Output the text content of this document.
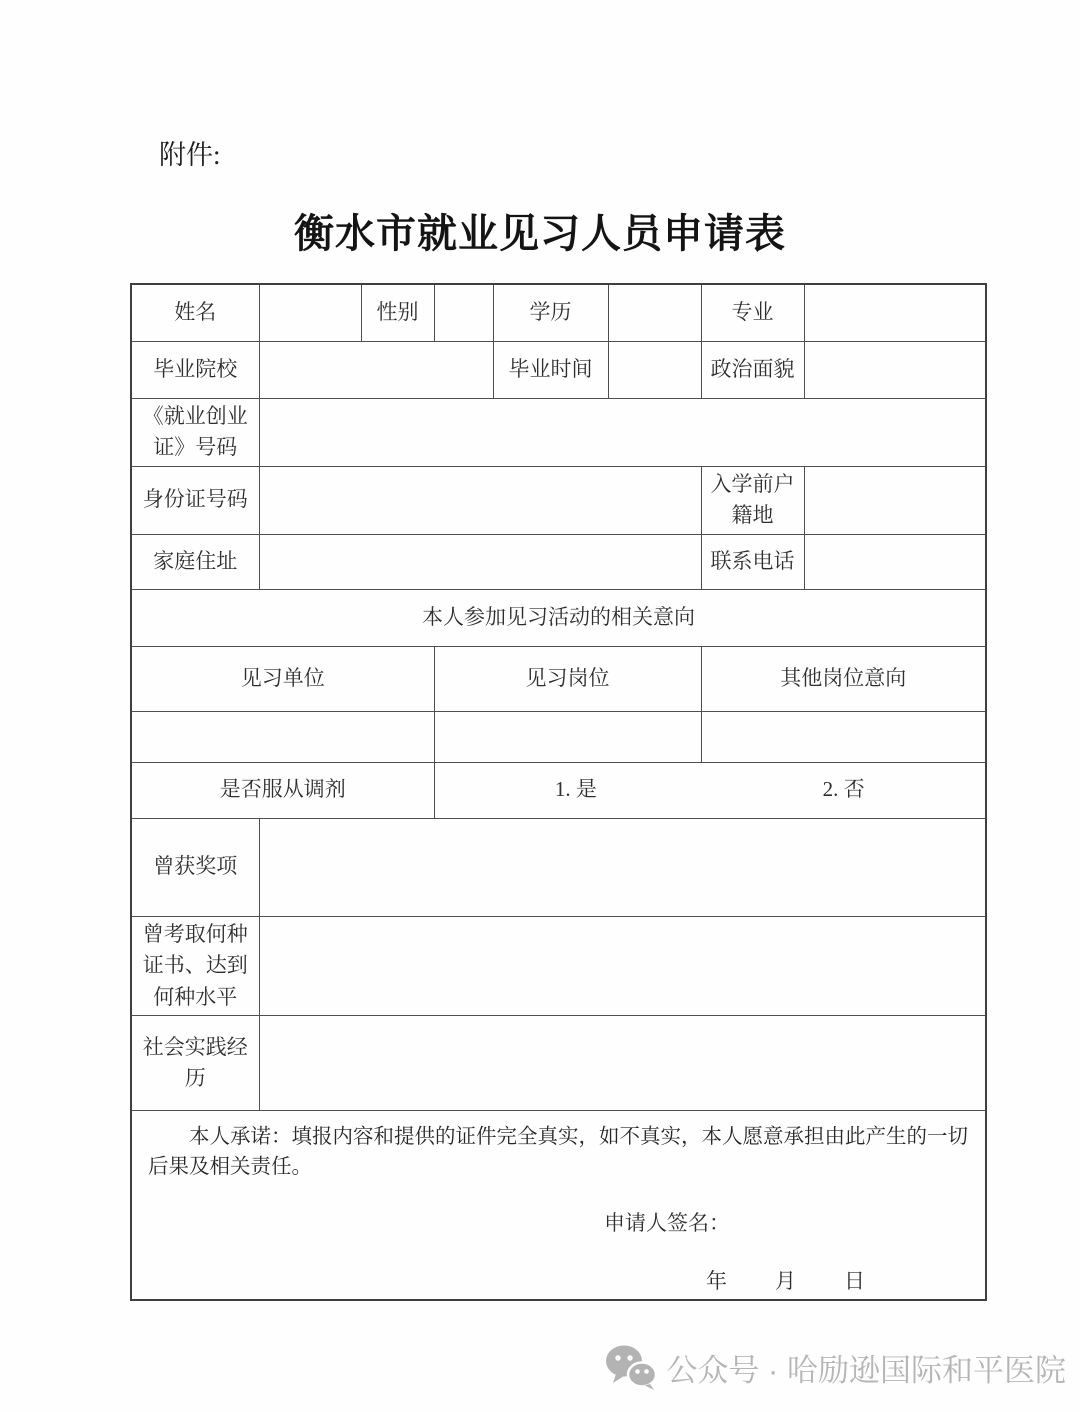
附件:
衡水市就业见习人员申请表
姓名		性别		学历		专业	
毕业院校				毕业时间		政治面貌	
《就业创业证》号码							
身份证号码						入学前户籍地	
家庭住址						联系电话	
本人参加见习活动的相关意向							
见习单位			见习岗位			其他岗位意向	

是否服从调剂			1. 是 2. 否				
曾获奖项							
曾考取何种证书、达到何种水平							
社会实践经历							

本人承诺：填报内容和提供的证件完全真实，如不真实，本人愿意承担由此产生的一切后果及相关责任。

申请人签名：
年　　月　　日							
公众号 · 哈励逊国际和平医院
